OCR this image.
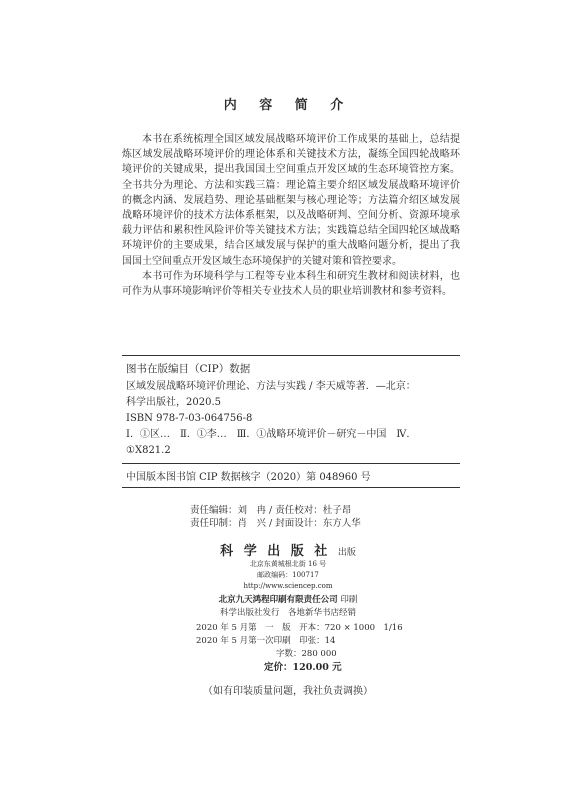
内 容 简 介

本书在系统梳理全国区域发展战略环境评价工作成果的基础上，总结提炼区域发展战略环境评价的理论体系和关键技术方法，凝练全国四轮战略环境评价的关键成果，提出我国国土空间重点开发区域的生态环境管控方案。全书共分为理论、方法和实践三篇：理论篇主要介绍区域发展战略环境评价的概念内涵、发展趋势、理论基础框架与核心理论等；方法篇介绍区域发展战略环境评价的技术方法体系框架，以及战略研判、空间分析、资源环境承载力评估和累积性风险评价等关键技术方法；实践篇总结全国四轮区域战略环境评价的主要成果，结合区域发展与保护的重大战略问题分析，提出了我国国土空间重点开发区域生态环境保护的关键对策和管控要求。

本书可作为环境科学与工程等专业本科生和研究生教材和阅读材料，也可作为从事环境影响评价等相关专业技术人员的职业培训教材和参考资料。

图书在版编目（CIP）数据
区域发展战略环境评价理论、方法与实践 / 李天威等著．—北京：
科学出版社，2020.5
ISBN 978-7-03-064756-8
Ⅰ．①区…　Ⅱ．①李…　Ⅲ．①战略环境评价－研究－中国　Ⅳ．
①X821.2
中国版本图书馆 CIP 数据核字（2020）第 048960 号
责任编辑：刘　冉 / 责任校对：杜子昂
责任印制：肖　兴 / 封面设计：东方人华
科 学 出 版 社 出版
北京东黄城根北街 16 号
邮政编码：100717
http://www.sciencep.com
北京九天鸿程印刷有限责任公司 印刷
科学出版社发行　各地新华书店经销
2020 年 5 月第　一　版　开本：720 × 1000　1/16
2020 年 5 月第一次印刷　印张：14
字数：280 000
定价：120.00 元
（如有印装质量问题，我社负责调换）
